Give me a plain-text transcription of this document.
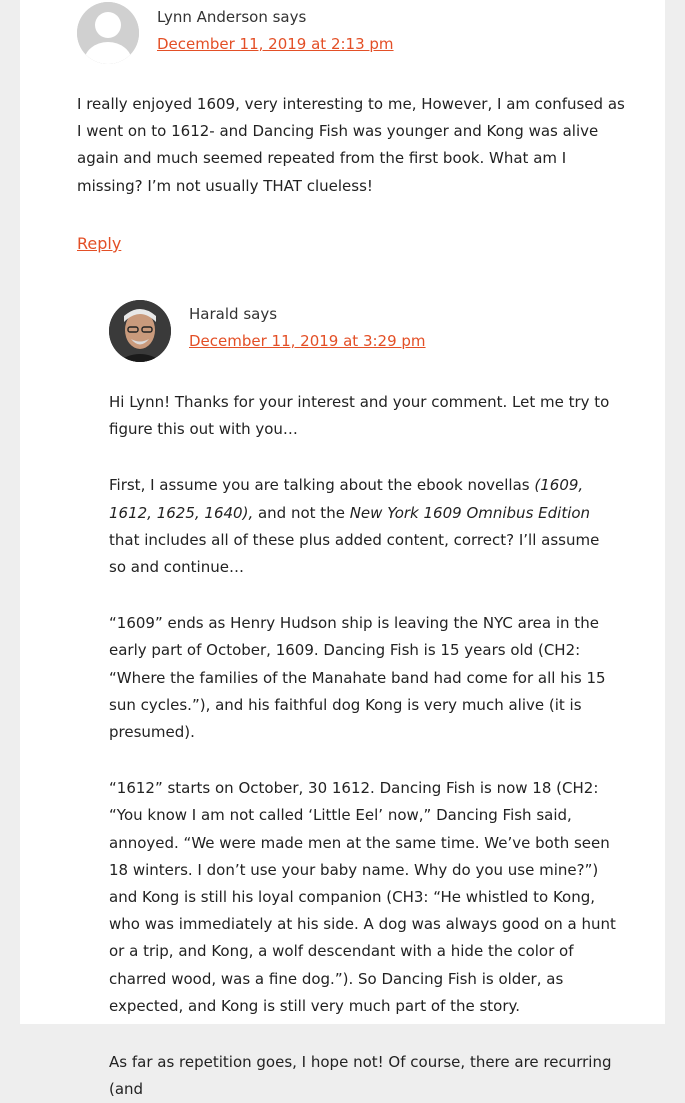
Lynn Anderson says
December 11, 2019 at 2:13 pm

I really enjoyed 1609, very interesting to me, However, I am confused as I went on to 1612- and Dancing Fish was younger and Kong was alive again and much seemed repeated from the first book. What am I missing? I’m not usually THAT clueless!

Reply
Harald says
December 11, 2019 at 3:29 pm

Hi Lynn! Thanks for your interest and your comment. Let me try to figure this out with you…

First, I assume you are talking about the ebook novellas (1609, 1612, 1625, 1640), and not the New York 1609 Omnibus Edition that includes all of these plus added content, correct? I’ll assume so and continue…

“1609” ends as Henry Hudson ship is leaving the NYC area in the early part of October, 1609. Dancing Fish is 15 years old (CH2: “Where the families of the Manahate band had come for all his 15 sun cycles.”), and his faithful dog Kong is very much alive (it is presumed).

“1612” starts on October, 30 1612. Dancing Fish is now 18 (CH2: “You know I am not called ‘Little Eel’ now,” Dancing Fish said, annoyed. “We were made men at the same time. We’ve both seen 18 winters. I don’t use your baby name. Why do you use mine?”) and Kong is still his loyal companion (CH3: “He whistled to Kong, who was immediately at his side. A dog was always good on a hunt or a trip, and Kong, a wolf descendant with a hide the color of charred wood, was a fine dog.”). So Dancing Fish is older, as expected, and Kong is still very much part of the story.

As far as repetition goes, I hope not! Of course, there are recurring (and
